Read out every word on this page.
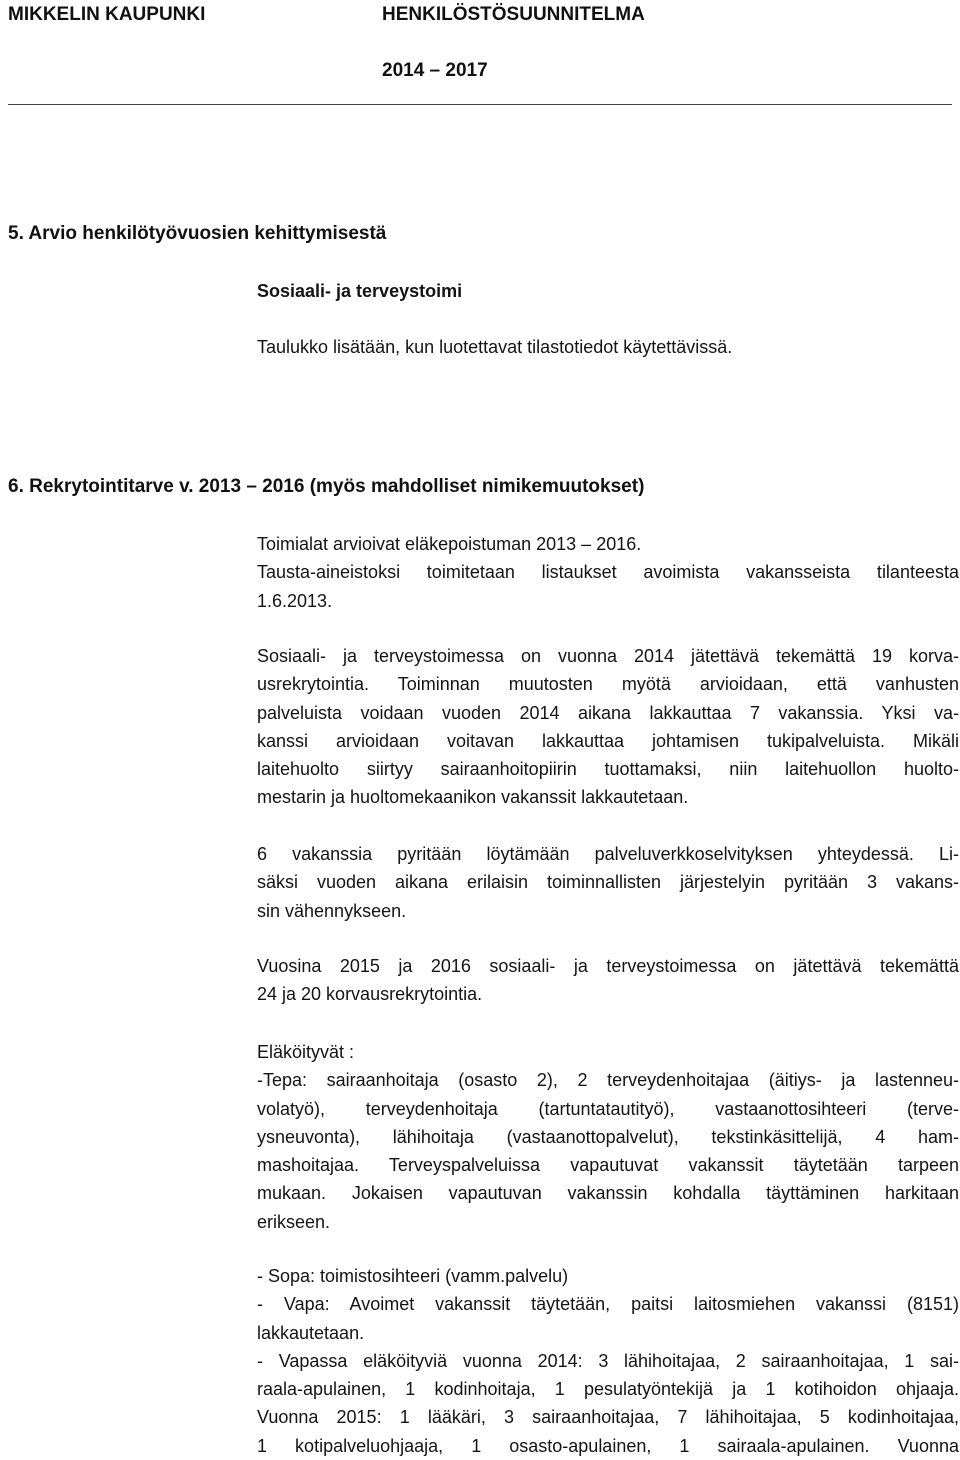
MIKKELIN KAUPUNKI	HENKILÖSTÖSUUNNITELMA
2014 – 2017
5. Arvio henkilötyövuosien kehittymisestä
Sosiaali- ja terveystoimi
Taulukko lisätään, kun luotettavat tilastotiedot käytettävissä.
6. Rekrytointitarve v. 2013 – 2016 (myös mahdolliset nimikemuutokset)
Toimialat arvioivat eläkepoistuman 2013 – 2016.
Tausta-aineistoksi toimitetaan listaukset avoimista vakansseista tilanteesta
1.6.2013.
Sosiaali- ja terveystoimessa on vuonna 2014 jätettävä tekemättä 19 korva-
usrekrytointia. Toiminnan muutosten myötä arvioidaan, että vanhusten
palveluista voidaan vuoden 2014 aikana lakkauttaa 7 vakanssia. Yksi va-
kanssi arvioidaan voitavan lakkauttaa johtamisen tukipalveluista. Mikäli
laitehuolto siirtyy sairaanhoitopiirin tuottamaksi, niin laitehuollon huolto-
mestarin ja huoltomekaanikon vakanssit lakkautetaan.
6 vakanssia pyritään löytämään palveluverkkoselvityksen yhteydessä. Li-
säksi vuoden aikana erilaisin toiminnallisten järjestelyin pyritään 3 vakans-
sin vähennykseen.
Vuosina 2015 ja 2016 sosiaali- ja terveystoimessa on jätettävä tekemättä
24 ja 20 korvausrekrytointia.
Eläköityvät :
-Tepa: sairaanhoitaja (osasto 2), 2 terveydenhoitajaa (äitiys- ja lastenneu-
volatyö), terveydenhoitaja (tartuntatautityö), vastaanottosihteeri (terve-
ysneuvonta), lähihoitaja (vastaanottopalvelut), tekstinkäsittelijä, 4 ham-
mashoitajaa. Terveyspalveluissa vapautuvat vakanssit täytetään tarpeen
mukaan. Jokaisen vapautuvan vakanssin kohdalla täyttäminen harkitaan
erikseen.
- Sopa: toimistosihteeri (vamm.palvelu)
- Vapa: Avoimet vakanssit täytetään, paitsi laitosmiehen vakanssi (8151)
lakkautetaan.
- Vapassa eläköityviä vuonna 2014: 3 lähihoitajaa, 2 sairaanhoitajaa, 1 sai-
raala-apulainen, 1 kodinhoitaja, 1 pesulatyöntekijä ja 1 kotihoidon ohjaaja.
Vuonna 2015: 1 lääkäri, 3 sairaanhoitajaa, 7 lähihoitajaa, 5 kodinhoitajaa,
1 kotipalveluohjaaja, 1 osasto-apulainen, 1 sairaala-apulainen. Vuonna
